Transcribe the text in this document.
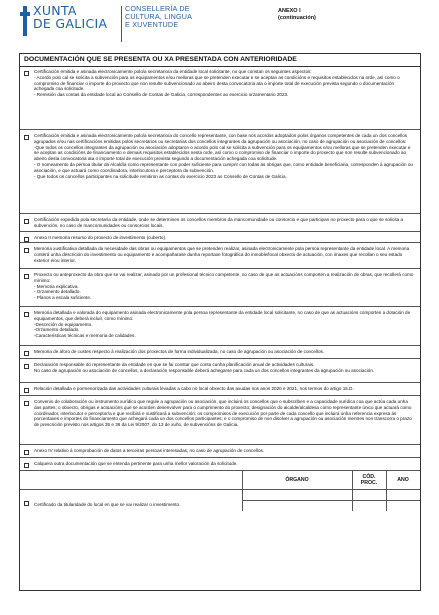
XUNTA
DE GALICIA
CONSELLERÍA DE
CULTURA, LINGUA
E XUVENTUDE
ANEXO I
(continuación)
DOCUMENTACIÓN QUE SE PRESENTA OU XA PRESENTADA CON ANTERIORIDADE
Certificación emitida e asinada electronicamente polo/a secretario/a da entidade local solicitante, no que constan os seguintes aspectos:
- Acordo polo cal se solicita a subvención para os equipamentos e/ou melloras que se pretenden executar e se aceptan as condicións e requisitos establecidos na orde, así como o compromiso de financiar o importe do proxecto que non resulte subvencionado ao abeiro desta convocatoria ata o importe total de execución prevista segundo o documentación achegada coa solicitude.
- Remisión das contas da entidade local ao Consello de Contas de Galicia, correspondentes ao exercicio orzamentario 2023.
Certificación emitida e asinada electronicamente polo/a secretario/a do concello representante, con base nos acordos adoptados polos órganos competentes de cada un dos concellos agrupados e/ou nas certificacións emitidas polos secretarios ou secretarias dos concellos integrantes da agrupación ou asociación, no caso de agrupación ou asociación de concellos:
-Que todos os concellos integrantes da agrupación ou asociación adoptaron o acordo polo cal se solicita a subvención para os equipamentos e/ou melloras que se pretenden executar e se aceptan as condicións de financiamento e demais requisitos establecidos nesta orde, así como o compromiso de financiar o importe do proxecto que non resulte subvencionado ao abeiro desta convocatoria ata o importe total de execución prevista segundo a documentación achegada coa solicitude.
- O nomeamento da persoa titular da Alcaldía como representante con poder suficiente para cumprir con todas as obrigas que, como entidade beneficiaria, corresponden á agrupación ou asociación, e que actuará como coordinadora, interlocutora e perceptora da subvención.
- Que todos os concellos participantes na solicitude remitiron as contas do exercicio 2023 ao Consello de Contas de Galicia.
Certificación expedida pola secretaría da entidade, onde se determinen os concellos membros da mancomunidade ou consorcio e que participan no proxecto para o que se solicita a subvención, no caso de mancomunidades ou consorcios locais.
Anexo II memoria resumo do proxecto de investimento (cuberto).
Memoria xustificativa detallada da necesidade das obras ou equipamentos que se pretenden realizar, asinada electronicamente pola persoa representante da entidade local. A memoria conterá unha descrición do investimento ou equipamento e acompañarase dunha reportaxe fotográfica do inmoble/local obxecto de actuación, con imaxes que recollan o seu estado exterior e/ou interior.
Proxecto ou anteproxecto da obra que se vai realizar, asinado por un profesional técnico competente, no caso de que as actuacións comporten a realización de obras, que recollerá como mínimo:
- Memoria explicativa.
- Orzamento detallado.
- Planos a escala suficiente.
Memoria detallada e valorada do equipamento asinada electronicamente pola persoa representante da entidade local solicitante, no caso de que as actuacións comporten a dotación de equipamentos, que deberá incluír, como mínimo:
-Descrición do equipamento.
-Orzamento detallado.
-Características técnicas e memoria de calidades.
Memoria de aforo de custes respecto á realización dos proxectos de forma individualizada, no caso de agrupación ou asociación de concellos.
Declaración responsable do representante da entidade en que se fai constar que conta cunha planificación anual de actividades culturais.
No caso de agrupación ou asociación de concellos, a declaración responsable deberá achegarse para cada un dos concellos integrantes da agrupación ou asociación.
Relación detallada e pormenorizada das actividades culturais levadas a cabo no local obxecto das axudas nos anos 2020 e 2021, nos termos do artigo 15.D.
Convenio de colaboración ou instrumento xurídico que regule a agrupación ou asociación, que incluirá os concellos que o subscriben e a capacidade xurídica coa que actúa cada unha das partes; o obxecto, obrigas e actuacións que se acorden desenvolver para o cumprimento do proxecto; designación do alcalde/alcaldesa como representante único que actuará como coordinador, interlocutor e perceptor/a e que recibirá e xustificará a subvención; os compromisos de execución por parte de cada concello que incluirá unha referencia expresa ás porcentaxes e importes do financiamento que achegará cada un dos concellos participantes; e o compromiso de non disolver a agrupación ou asociación mentres non transcorra o prazo de prescrición previsto nos artigos 35 e 36 da Lei 9/2007, do 13 de xuño, de subvencións de Galicia.
Anexo IV relativo á comprobación de datos a terceiras persoas interesadas, no caso de agrupación de concellos.
Calquera outra documentación que se entenda pertinente para unha mellor valoración da solicitude.
ÓRGANO	CÓD.
PROC.	ANO
Certificado da titularidade do local en que se vai realizar o investimento.
